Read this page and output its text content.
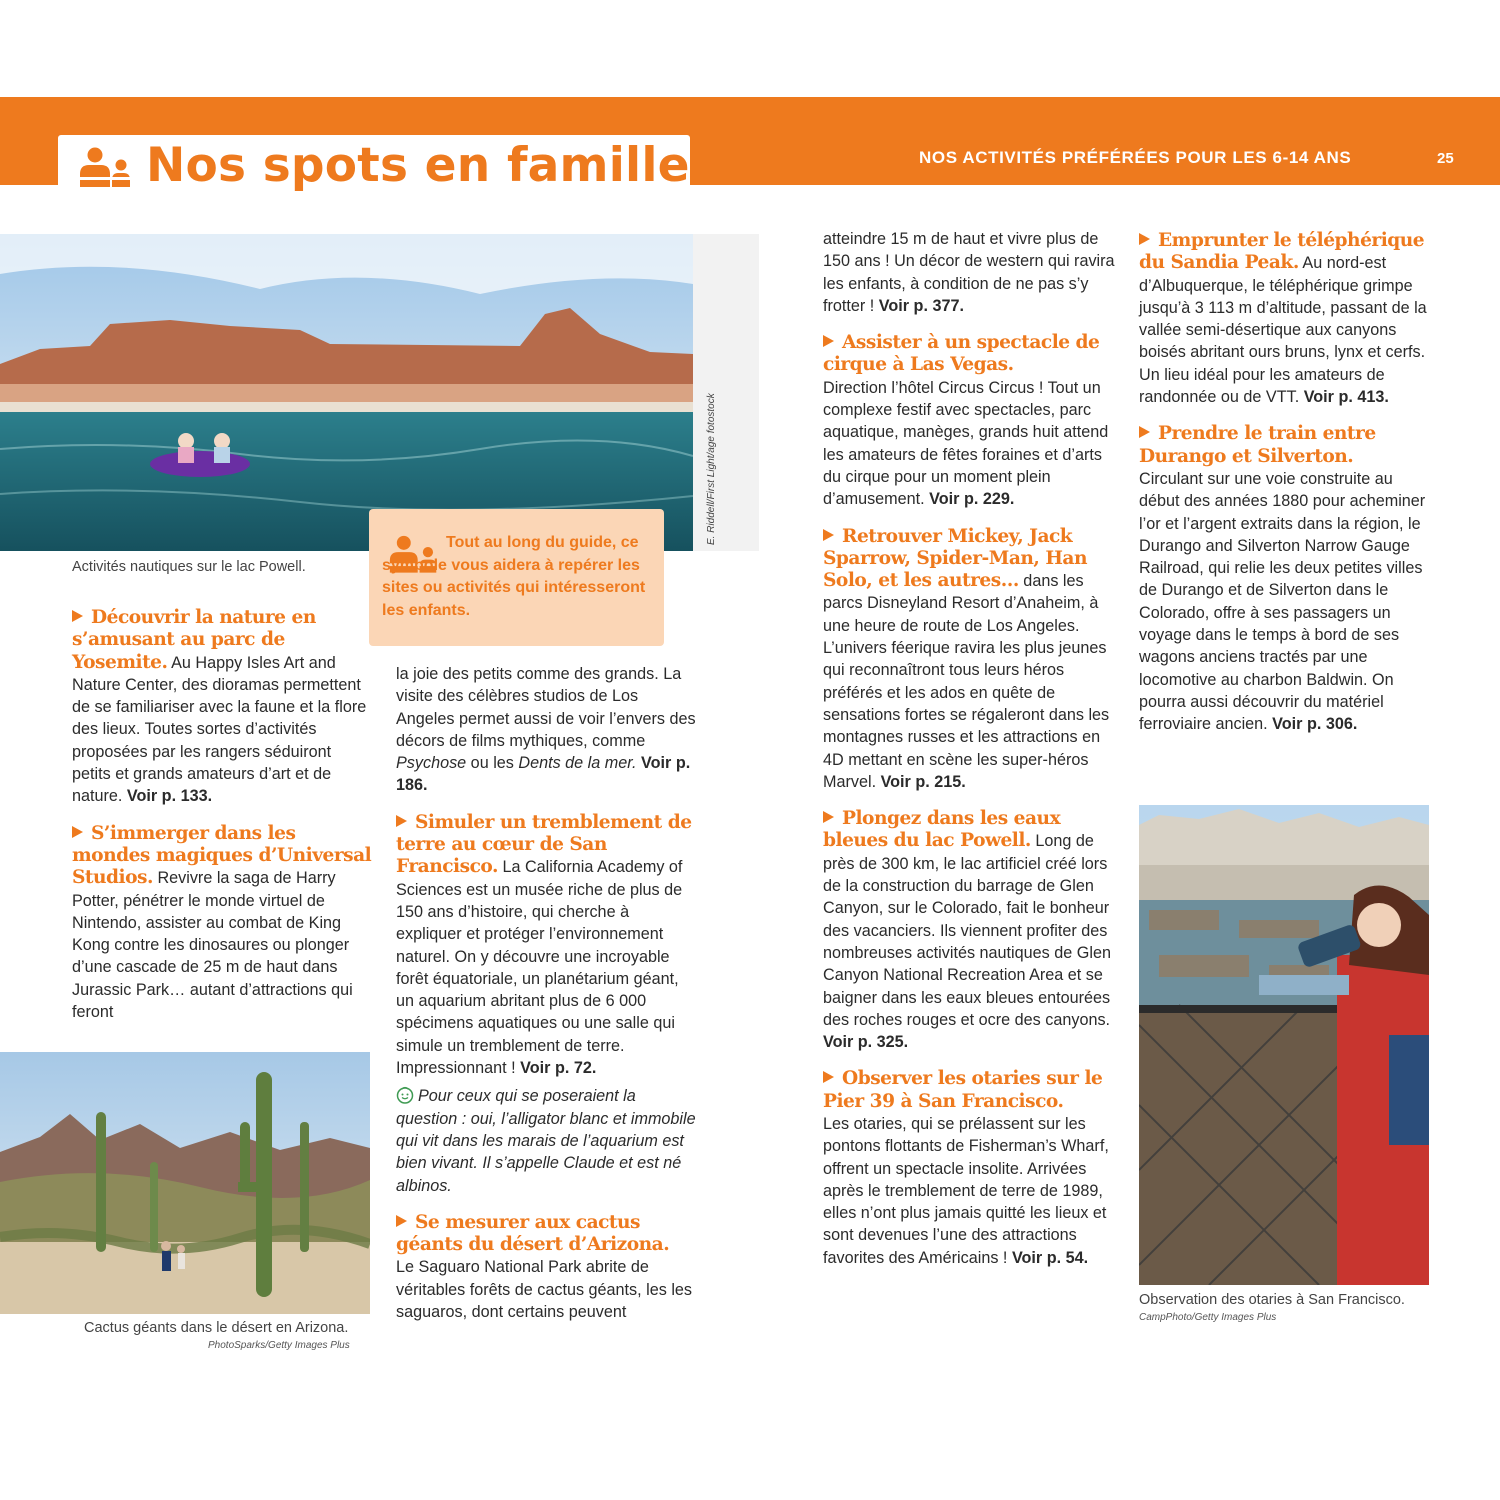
Nos spots en famille	NOS ACTIVITÉS PRÉFÉRÉES POUR LES 6-14 ANS	25
E. Riddell/First Light/age fotostock
Activités nautiques sur le lac Powell.
Tout au long du guide, ce symbole vous aidera à repérer les sites ou activités qui intéresseront les enfants.
Découvrir la nature en s’amusant au parc de Yosemite. Au Happy Isles Art and Nature Center, des dioramas permettent de se familiariser avec la faune et la flore des lieux. Toutes sortes d’activités proposées par les rangers séduiront petits et grands amateurs d’art et de nature. Voir p. 133.
S’immerger dans les mondes magiques d’Universal Studios. Revivre la saga de Harry Potter, pénétrer le monde virtuel de Nintendo, assister au combat de King Kong contre les dinosaures ou plonger d’une cascade de 25 m de haut dans Jurassic Park… autant d’attractions qui feront
Cactus géants dans le désert en Arizona.
PhotoSparks/Getty Images Plus
la joie des petits comme des grands. La visite des célèbres studios de Los Angeles permet aussi de voir l’envers des décors de films mythiques, comme Psychose ou les Dents de la mer. Voir p. 186.
Simuler un tremblement de terre au cœur de San Francisco. La California Academy of Sciences est un musée riche de plus de 150 ans d’histoire, qui cherche à expliquer et protéger l’environnement naturel. On y découvre une incroyable forêt équatoriale, un planétarium géant, un aquarium abritant plus de 6 000 spécimens aquatiques ou une salle qui simule un tremblement de terre. Impressionnant ! Voir p. 72.
Pour ceux qui se poseraient la question : oui, l’alligator blanc et immobile qui vit dans les marais de l’aquarium est bien vivant. Il s’appelle Claude et est né albinos.
Se mesurer aux cactus géants du désert d’Arizona.
Le Saguaro National Park abrite de véritables forêts de cactus géants, les les saguaros, dont certains peuvent
atteindre 15 m de haut et vivre plus de 150 ans ! Un décor de western qui ravira les enfants, à condition de ne pas s’y frotter ! Voir p. 377.
Assister à un spectacle de cirque à Las Vegas.
Direction l’hôtel Circus Circus ! Tout un complexe festif avec spectacles, parc aquatique, manèges, grands huit attend les amateurs de fêtes foraines et d’arts du cirque pour un moment plein d’amusement. Voir p. 229.
Retrouver Mickey, Jack Sparrow, Spider-Man, Han Solo, et les autres… dans les parcs Disneyland Resort d’Anaheim, à une heure de route de Los Angeles. L’univers féerique ravira les plus jeunes qui reconnaîtront tous leurs héros préférés et les ados en quête de sensations fortes se régaleront dans les montagnes russes et les attractions en 4D mettant en scène les super-héros Marvel. Voir p. 215.
Plongez dans les eaux bleues du lac Powell. Long de près de 300 km, le lac artificiel créé lors de la construction du barrage de Glen Canyon, sur le Colorado, fait le bonheur des vacanciers. Ils viennent profiter des nombreuses activités nautiques de Glen Canyon National Recreation Area et se baigner dans les eaux bleues entourées des roches rouges et ocre des canyons. Voir p. 325.
Observer les otaries sur le Pier 39 à San Francisco.
Les otaries, qui se prélassent sur les pontons flottants de Fisherman’s Wharf, offrent un spectacle insolite. Arrivées après le tremblement de terre de 1989, elles n’ont plus jamais quitté les lieux et sont devenues l’une des attractions favorites des Américains ! Voir p. 54.
Emprunter le téléphérique du Sandia Peak. Au nord-est d’Albuquerque, le téléphérique grimpe jusqu’à 3 113 m d’altitude, passant de la vallée semi-désertique aux canyons boisés abritant ours bruns, lynx et cerfs. Un lieu idéal pour les amateurs de randonnée ou de VTT. Voir p. 413.
Prendre le train entre Durango et Silverton.
Circulant sur une voie construite au début des années 1880 pour acheminer l’or et l’argent extraits dans la région, le Durango and Silverton Narrow Gauge Railroad, qui relie les deux petites villes de Durango et de Silverton dans le Colorado, offre à ses passagers un voyage dans le temps à bord de ses wagons anciens tractés par une locomotive au charbon Baldwin. On pourra aussi découvrir du matériel ferroviaire ancien. Voir p. 306.
Observation des otaries à San Francisco.
CampPhoto/Getty Images Plus
